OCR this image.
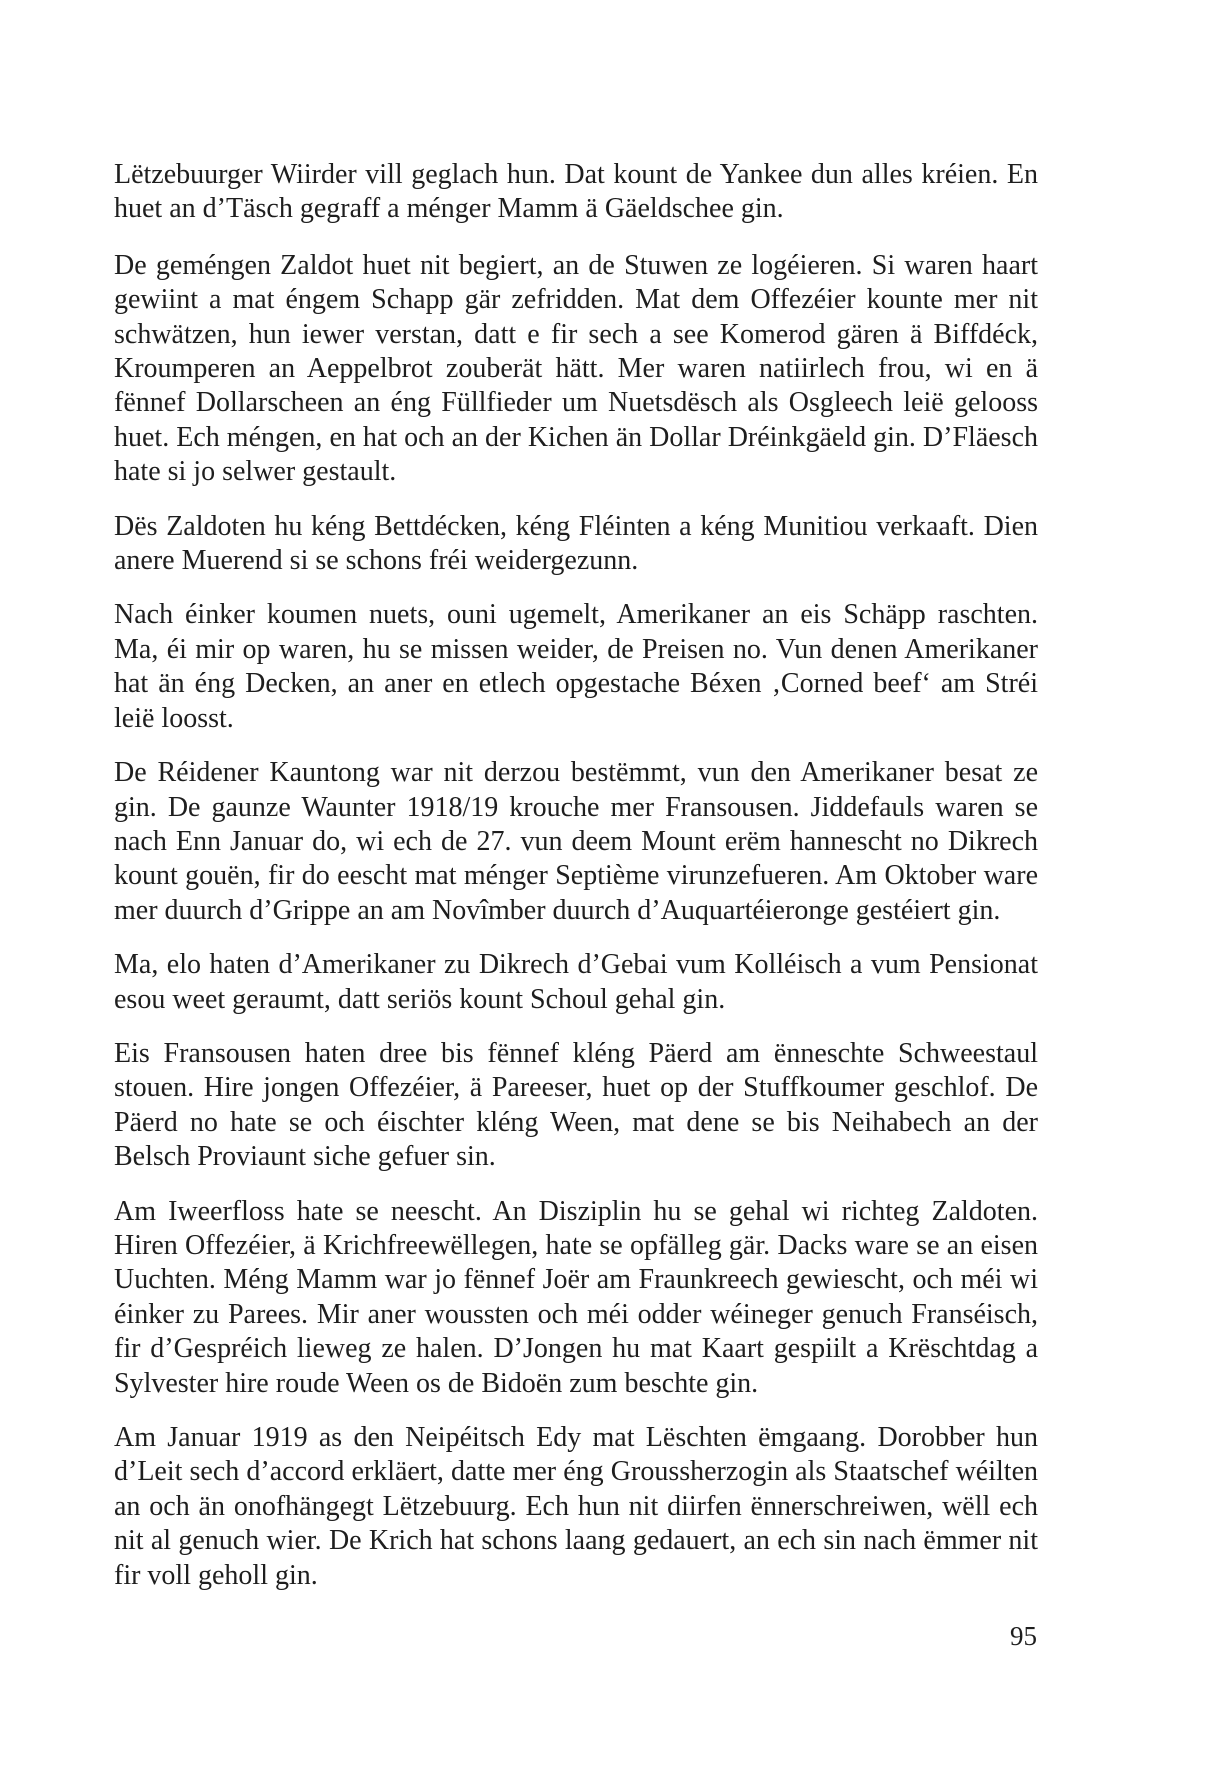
Lëtzebuurger Wiirder vill geglach hun. Dat kount de Yankee dun alles kréien. En huet an d’Täsch gegraff a ménger Mamm ä Gäeldschee gin.

De geméngen Zaldot huet nit begiert, an de Stuwen ze logéieren. Si waren haart gewiint a mat éngem Schapp gär zefridden. Mat dem Offezéier kounte mer nit schwätzen, hun iewer verstan, datt e fir sech a see Komerod gären ä Biffdéck, Kroumperen an Aeppelbrot zouberät hätt. Mer waren natiirlech frou, wi en ä fënnef Dollarscheen an éng Füllfieder um Nuetsdësch als Osgleech leië gelooss huet. Ech méngen, en hat och an der Kichen än Dollar Dréinkgäeld gin. D’Fläesch hate si jo selwer gestault.

Dës Zaldoten hu kéng Bettdécken, kéng Fléinten a kéng Munitiou verkaaft. Dien anere Muerend si se schons fréi weidergezunn.

Nach éinker koumen nuets, ouni ugemelt, Amerikaner an eis Schäpp raschten. Ma, éi mir op waren, hu se missen weider, de Preisen no. Vun denen Amerikaner hat än éng Decken, an aner en etlech opgestache Béxen ‚Corned beef‘ am Stréi leië loosst.

De Réidener Kauntong war nit derzou bestëmmt, vun den Amerikaner besat ze gin. De gaunze Waunter 1918/19 krouche mer Fransousen. Jiddefauls waren se nach Enn Januar do, wi ech de 27. vun deem Mount erëm hannescht no Dikrech kount gouën, fir do eescht mat ménger Septième virunzefueren. Am Oktober ware mer duurch d’Grippe an am Novîmber duurch d’Auquartéieronge gestéiert gin.

Ma, elo haten d’Amerikaner zu Dikrech d’Gebai vum Kolléisch a vum Pensionat esou weet geraumt, datt seriös kount Schoul gehal gin.

Eis Fransousen haten dree bis fënnef kléng Päerd am ënneschte Schweestaul stouen. Hire jongen Offezéier, ä Pareeser, huet op der Stuffkoumer geschlof. De Päerd no hate se och éischter kléng Ween, mat dene se bis Neihabech an der Belsch Proviaunt siche gefuer sin.

Am Iweerfloss hate se neescht. An Disziplin hu se gehal wi richteg Zaldoten. Hiren Offezéier, ä Krichfreewëllegen, hate se opfälleg gär. Dacks ware se an eisen Uuchten. Méng Mamm war jo fënnef Joër am Fraunkreech gewiescht, och méi wi éinker zu Parees. Mir aner woussten och méi odder wéineger genuch Franséisch, fir d’Gespréich lieweg ze halen. D’Jongen hu mat Kaart gespiilt a Krëschtdag a Sylvester hire roude Ween os de Bidoën zum beschte gin.

Am Januar 1919 as den Neipéitsch Edy mat Lëschten ëmgaang. Dorobber hun d’Leit sech d’accord erkläert, datte mer éng Groussherzogin als Staatschef wéilten an och än onofhängegt Lëtzebuurg. Ech hun nit diirfen ënnerschreiwen, wëll ech nit al genuch wier. De Krich hat schons laang gedauert, an ech sin nach ëmmer nit fir voll geholl gin.

95
